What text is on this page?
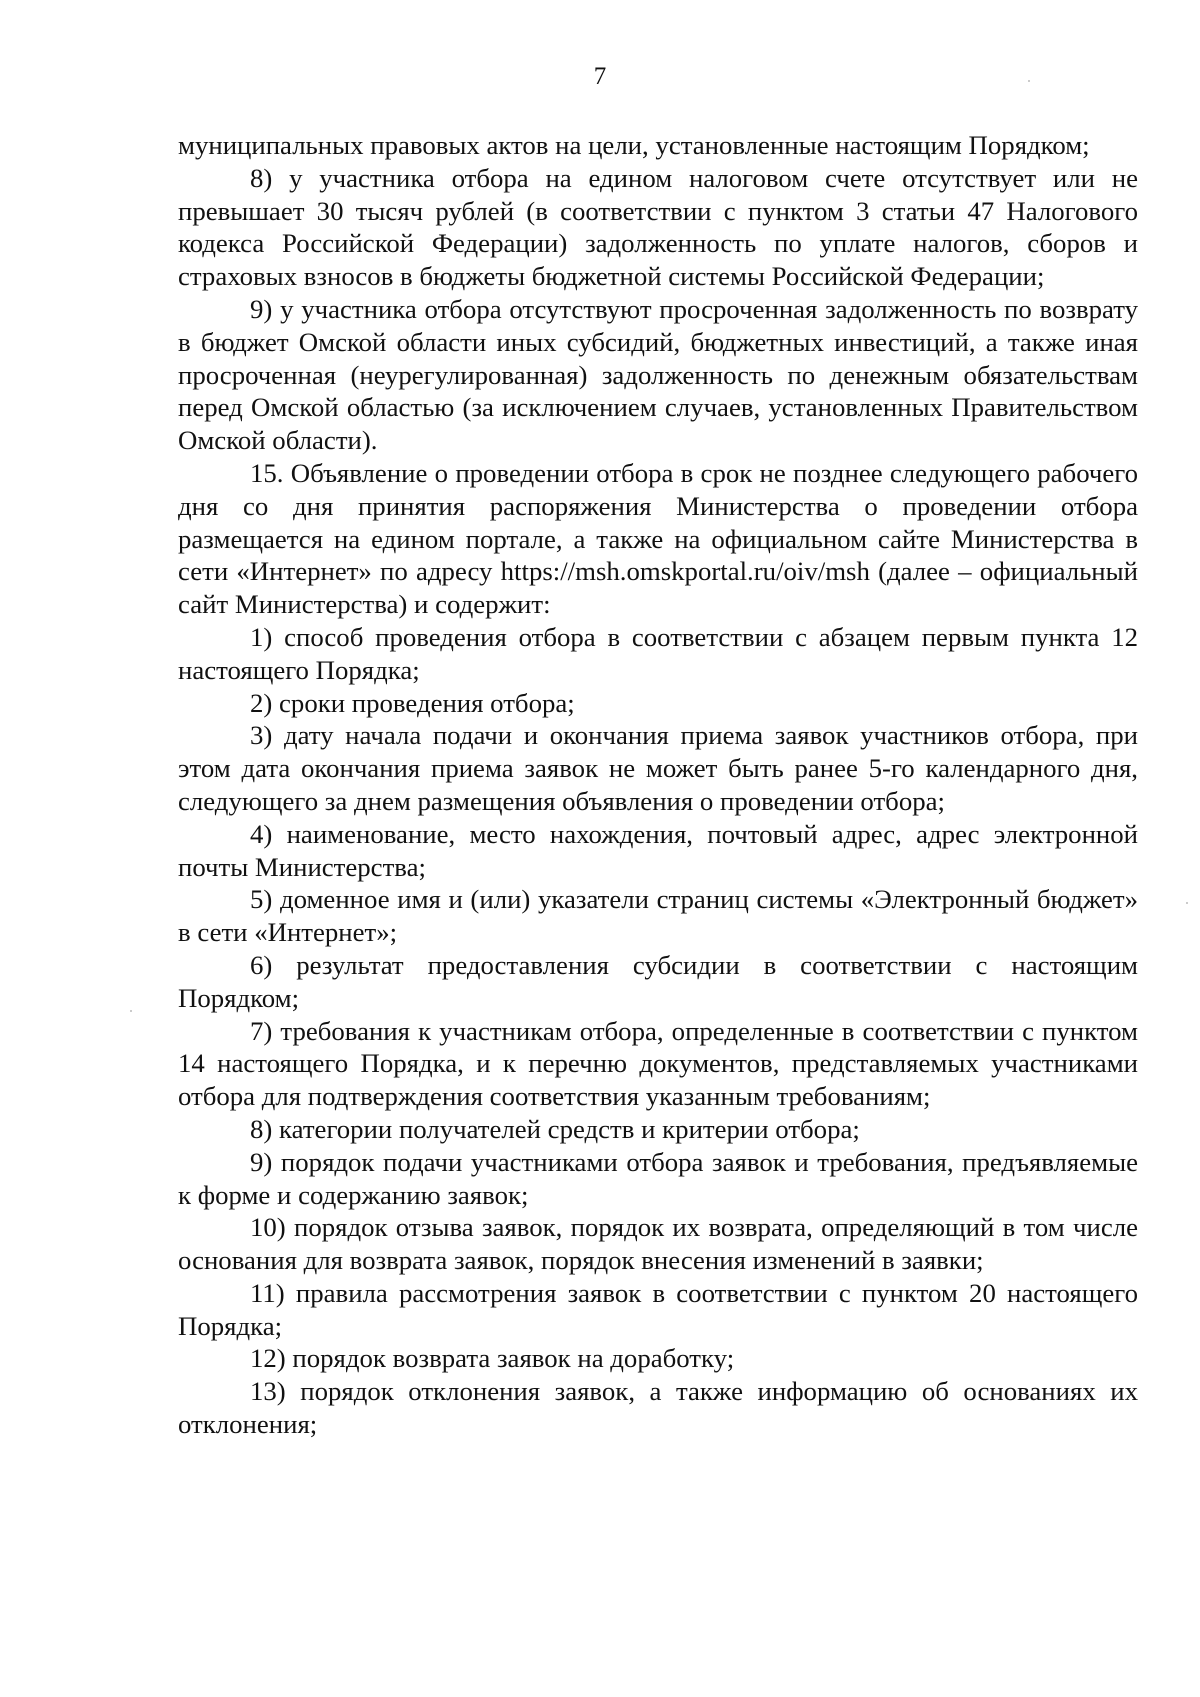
7

муниципальных правовых актов на цели, установленные настоящим Порядком;

8) у участника отбора на едином налоговом счете отсутствует или не превышает 30 тысяч рублей (в соответствии с пунктом 3 статьи 47 Налогового кодекса Российской Федерации) задолженность по уплате налогов, сборов и страховых взносов в бюджеты бюджетной системы Российской Федерации;

9) у участника отбора отсутствуют просроченная задолженность по возврату в бюджет Омской области иных субсидий, бюджетных инвестиций, а также иная просроченная (неурегулированная) задолженность по денежным обязательствам перед Омской областью (за исключением случаев, установленных Правительством Омской области).

15. Объявление о проведении отбора в срок не позднее следующего рабочего дня со дня принятия распоряжения Министерства о проведении отбора размещается на едином портале, а также на официальном сайте Министерства в сети «Интернет» по адресу https://msh.omskportal.ru/oiv/msh (далее – официальный сайт Министерства) и содержит:

1) способ проведения отбора в соответствии с абзацем первым пункта 12 настоящего Порядка;

2) сроки проведения отбора;

3) дату начала подачи и окончания приема заявок участников отбора, при этом дата окончания приема заявок не может быть ранее 5-го календарного дня, следующего за днем размещения объявления о проведении отбора;

4) наименование, место нахождения, почтовый адрес, адрес электронной почты Министерства;

5) доменное имя и (или) указатели страниц системы «Электронный бюджет» в сети «Интернет»;

6) результат предоставления субсидии в соответствии с настоящим Порядком;

7) требования к участникам отбора, определенные в соответствии с пунктом 14 настоящего Порядка, и к перечню документов, представляемых участниками отбора для подтверждения соответствия указанным требованиям;

8) категории получателей средств и критерии отбора;

9) порядок подачи участниками отбора заявок и требования, предъявляемые к форме и содержанию заявок;

10) порядок отзыва заявок, порядок их возврата, определяющий в том числе основания для возврата заявок, порядок внесения изменений в заявки;

11) правила рассмотрения заявок в соответствии с пунктом 20 настоящего Порядка;

12) порядок возврата заявок на доработку;

13) порядок отклонения заявок, а также информацию об основаниях их отклонения;
